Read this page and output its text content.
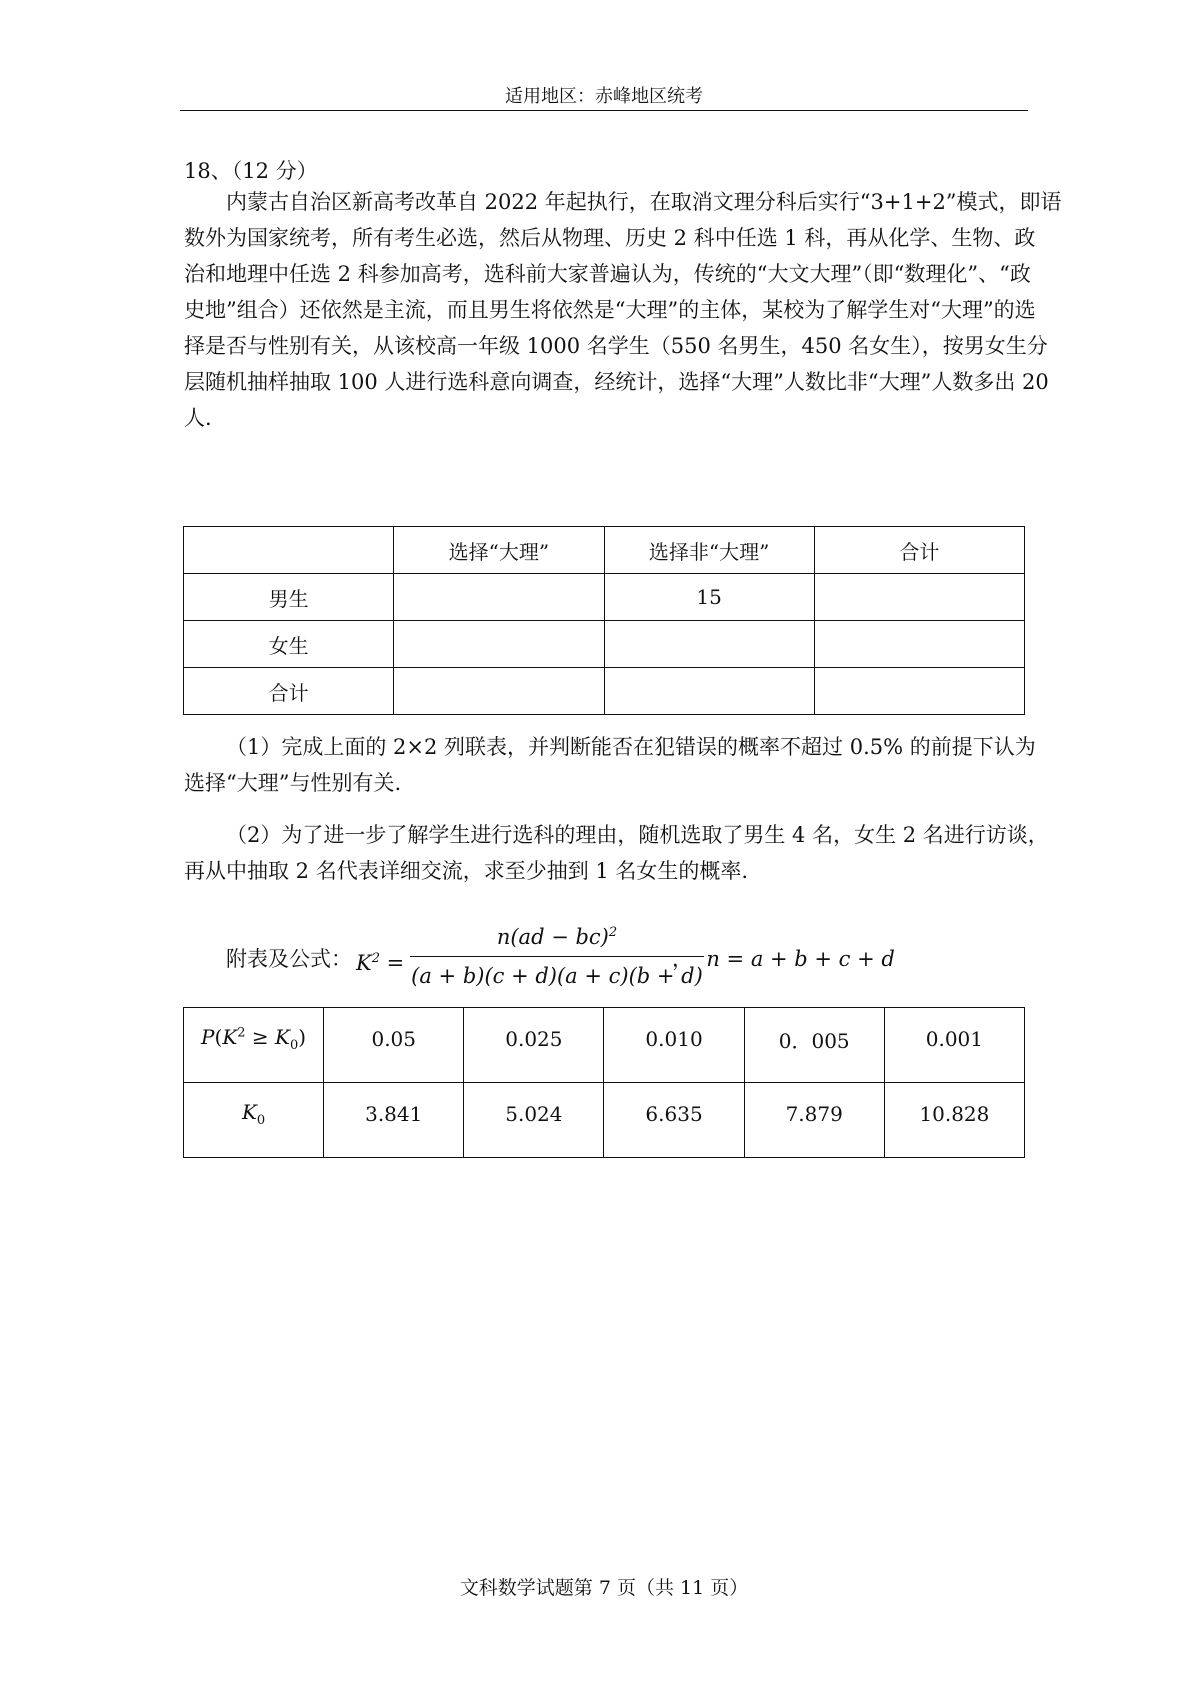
适用地区：赤峰地区统考
18、（12 分）
内蒙古自治区新高考改革自 2022 年起执行，在取消文理分科后实行“3+1+2”模式，即语
数外为国家统考，所有考生必选，然后从物理、历史 2 科中任选 1 科，再从化学、生物、政
治和地理中任选 2 科参加高考，选科前大家普遍认为，传统的“大文大理”（即“数理化”、“政
史地”组合）还依然是主流，而且男生将依然是“大理”的主体，某校为了解学生对“大理”的选
择是否与性别有关，从该校高一年级 1000 名学生（550 名男生，450 名女生），按男女生分
层随机抽样抽取 100 人进行选科意向调查，经统计，选择“大理”人数比非“大理”人数多出 20
人.
	选择“大理”	选择非“大理”	合计
男生		15	
女生			
合计			
（1）完成上面的 2×2 列联表，并判断能否在犯错误的概率不超过 0.5% 的前提下认为
选择“大理”与性别有关.
（2）为了进一步了解学生进行选科的理由，随机选取了男生 4 名，女生 2 名进行访谈，
再从中抽取 2 名代表详细交流，求至少抽到 1 名女生的概率.
附表及公式： $K^2$ =
n(ad − bc)$^2$
(a + b)(c + d)(a + c)(b + d)
， n = a + b + c + d
$P(K^2 \ge K_0)$	0.05	0.025	0.010	0．005	0.001
$K_0$	3.841	5.024	6.635	7.879	10.828
文科数学试题第 7 页（共 11 页）
